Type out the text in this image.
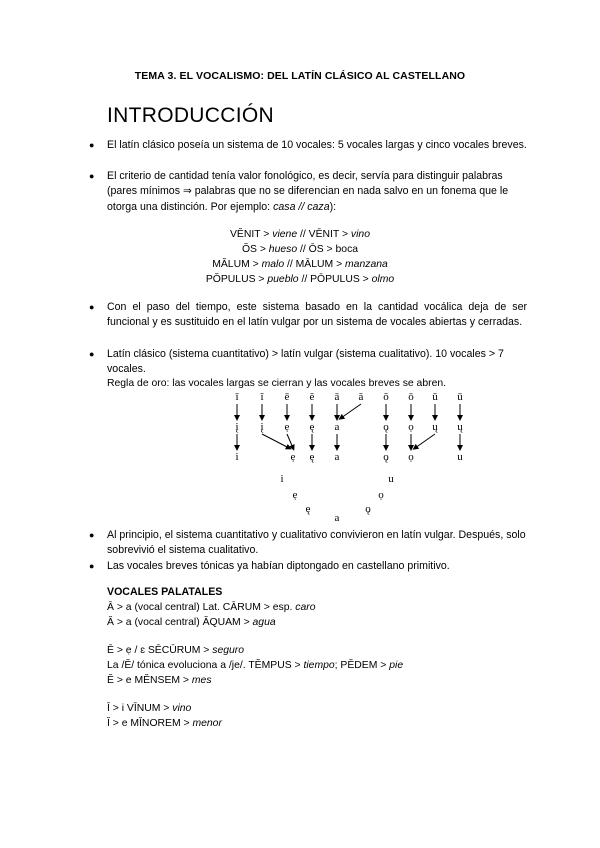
TEMA 3. EL VOCALISMO: DEL LATÍN CLÁSICO AL CASTELLANO
INTRODUCCIÓN
● El latín clásico poseía un sistema de 10 vocales: 5 vocales largas y cinco vocales breves.
● El criterio de cantidad tenía valor fonológico, es decir, servía para distinguir palabras (pares mínimos ⇒ palabras que no se diferencian en nada salvo en un fonema que le otorga una distinción. Por ejemplo: casa // caza):
VĔNIT > viene // VĒNIT > vino
ŎS > hueso // ŌS > boca
MĂLUM > malo // MĀLUM > manzana
PŎPULUS > pueblo // PŌPULUS > olmo
● Con el paso del tiempo, este sistema basado en la cantidad vocálica deja de ser funcional y es sustituido en el latín vulgar por un sistema de vocales abiertas y cerradas.
● Latín clásico (sistema cuantitativo) > latín vulgar (sistema cualitativo). 10 vocales > 7 vocales.
Regla de oro: las vocales largas se cierran y las vocales breves se abren.
ī ĭ ē ĕ ā ă ŏ ō ŭ ū
į į ẹ ę a	ǫ ọ ų ų
i	ẹ ę a	ǫ ọ	u
i	u
ẹ	ọ
ę	ǫ
a
● Al principio, el sistema cuantitativo y cualitativo convivieron en latín vulgar. Después, solo sobrevivió el sistema cualitativo.
● Las vocales breves tónicas ya habían diptongado en castellano primitivo.
VOCALES PALATALES
Ā > a (vocal central) Lat. CĀRUM > esp. caro
Ă > a (vocal central) ĂQUAM > agua
Ē > ẹ / ɛ SĒCŪRUM > seguro
La /Ĕ/ tónica evoluciona a /je/. TĔMPUS > tiempo; PĔDEM > pie
Ĕ > e MĔNSEM > mes
Ī > i VĪNUM > vino
Ĭ > e MĬNOREM > menor
